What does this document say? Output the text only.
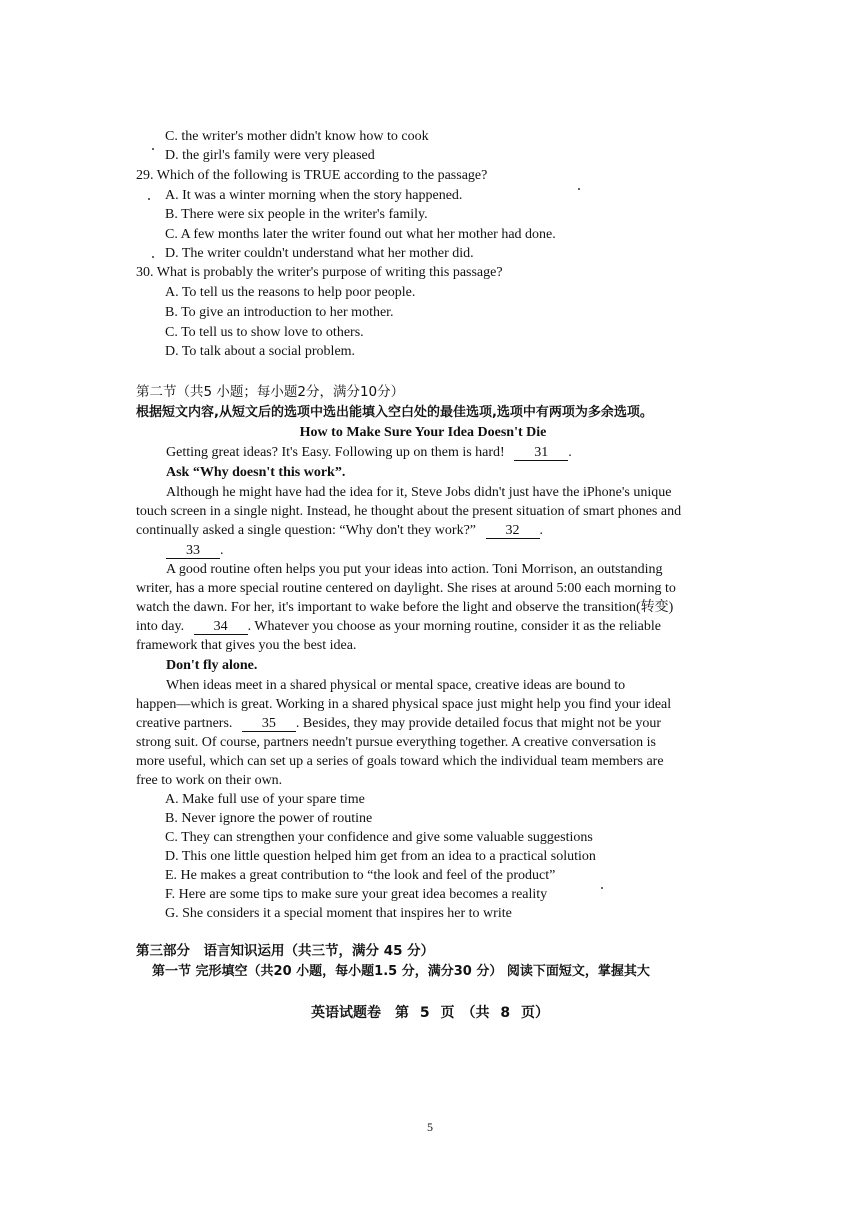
C. the writer's mother didn't know how to cook
D. the girl's family were very pleased
29. Which of the following is TRUE according to the passage?
A. It was a winter morning when the story happened.
B. There were six people in the writer's family.
C. A few months later the writer found out what her mother had done.
D. The writer couldn't understand what her mother did.
30. What is probably the writer's purpose of writing this passage?
A. To tell us the reasons to help poor people.
B. To give an introduction to her mother.
C. To tell us to show love to others.
D. To talk about a social problem.
第二节（共5 小题；每小题2分，满分10分）
根据短文内容,从短文后的选项中选出能填入空白处的最佳选项,选项中有两项为多余选项。
How to Make Sure Your Idea Doesn't Die
Getting great ideas? It's Easy. Following up on them is hard! 31 .
Ask “Why doesn't this work”.
Although he might have had the idea for it, Steve Jobs didn't just have the iPhone's unique
touch screen in a single night. Instead, he thought about the present situation of smart phones and
continually asked a single question: “Why don't they work?” 32 .
33 .
A good routine often helps you put your ideas into action. Toni Morrison, an outstanding
writer, has a more special routine centered on daylight. She rises at around 5:00 each morning to
watch the dawn. For her, it's important to wake before the light and observe the transition(转变)
into day. 34 . Whatever you choose as your morning routine, consider it as the reliable
framework that gives you the best idea.
Don't fly alone.
When ideas meet in a shared physical or mental space, creative ideas are bound to
happen—which is great. Working in a shared physical space just might help you find your ideal
creative partners. 35 . Besides, they may provide detailed focus that might not be your
strong suit. Of course, partners needn't pursue everything together. A creative conversation is
more useful, which can set up a series of goals toward which the individual team members are
free to work on their own.
A. Make full use of your spare time
B. Never ignore the power of routine
C. They can strengthen your confidence and give some valuable suggestions
D. This one little question helped him get from an idea to a practical solution
E. He makes a great contribution to “the look and feel of the product”
F. Here are some tips to make sure your great idea becomes a reality
G. She considers it a special moment that inspires her to write
第三部分　语言知识运用（共三节，满分 45 分）
第一节 完形填空（共20 小题，每小题1.5 分，满分30 分） 阅读下面短文，掌握其大
英语试题卷　第 5 页　（共 8 页）
5
